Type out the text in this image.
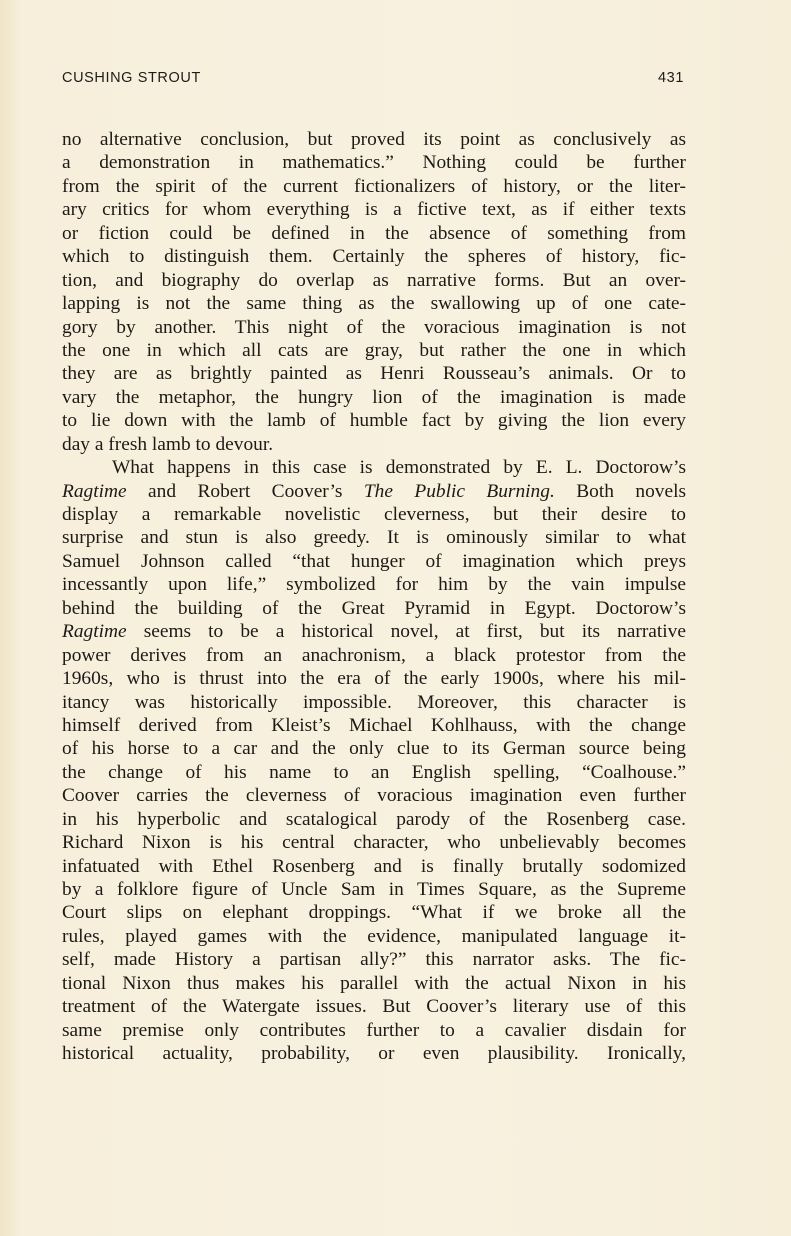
CUSHING STROUT	431
no alternative conclusion, but proved its point as conclusively as
a demonstration in mathematics.” Nothing could be further
from the spirit of the current fictionalizers of history, or the liter-
ary critics for whom everything is a fictive text, as if either texts
or fiction could be defined in the absence of something from
which to distinguish them. Certainly the spheres of history, fic-
tion, and biography do overlap as narrative forms. But an over-
lapping is not the same thing as the swallowing up of one cate-
gory by another. This night of the voracious imagination is not
the one in which all cats are gray, but rather the one in which
they are as brightly painted as Henri Rousseau’s animals. Or to
vary the metaphor, the hungry lion of the imagination is made
to lie down with the lamb of humble fact by giving the lion every
day a fresh lamb to devour.
What happens in this case is demonstrated by E. L. Doctorow’s
Ragtime and Robert Coover’s The Public Burning. Both novels
display a remarkable novelistic cleverness, but their desire to
surprise and stun is also greedy. It is ominously similar to what
Samuel Johnson called “that hunger of imagination which preys
incessantly upon life,” symbolized for him by the vain impulse
behind the building of the Great Pyramid in Egypt. Doctorow’s
Ragtime seems to be a historical novel, at first, but its narrative
power derives from an anachronism, a black protestor from the
1960s, who is thrust into the era of the early 1900s, where his mil-
itancy was historically impossible. Moreover, this character is
himself derived from Kleist’s Michael Kohlhauss, with the change
of his horse to a car and the only clue to its German source being
the change of his name to an English spelling, “Coalhouse.”
Coover carries the cleverness of voracious imagination even further
in his hyperbolic and scatalogical parody of the Rosenberg case.
Richard Nixon is his central character, who unbelievably becomes
infatuated with Ethel Rosenberg and is finally brutally sodomized
by a folklore figure of Uncle Sam in Times Square, as the Supreme
Court slips on elephant droppings. “What if we broke all the
rules, played games with the evidence, manipulated language it-
self, made History a partisan ally?” this narrator asks. The fic-
tional Nixon thus makes his parallel with the actual Nixon in his
treatment of the Watergate issues. But Coover’s literary use of this
same premise only contributes further to a cavalier disdain for
historical actuality, probability, or even plausibility. Ironically,
